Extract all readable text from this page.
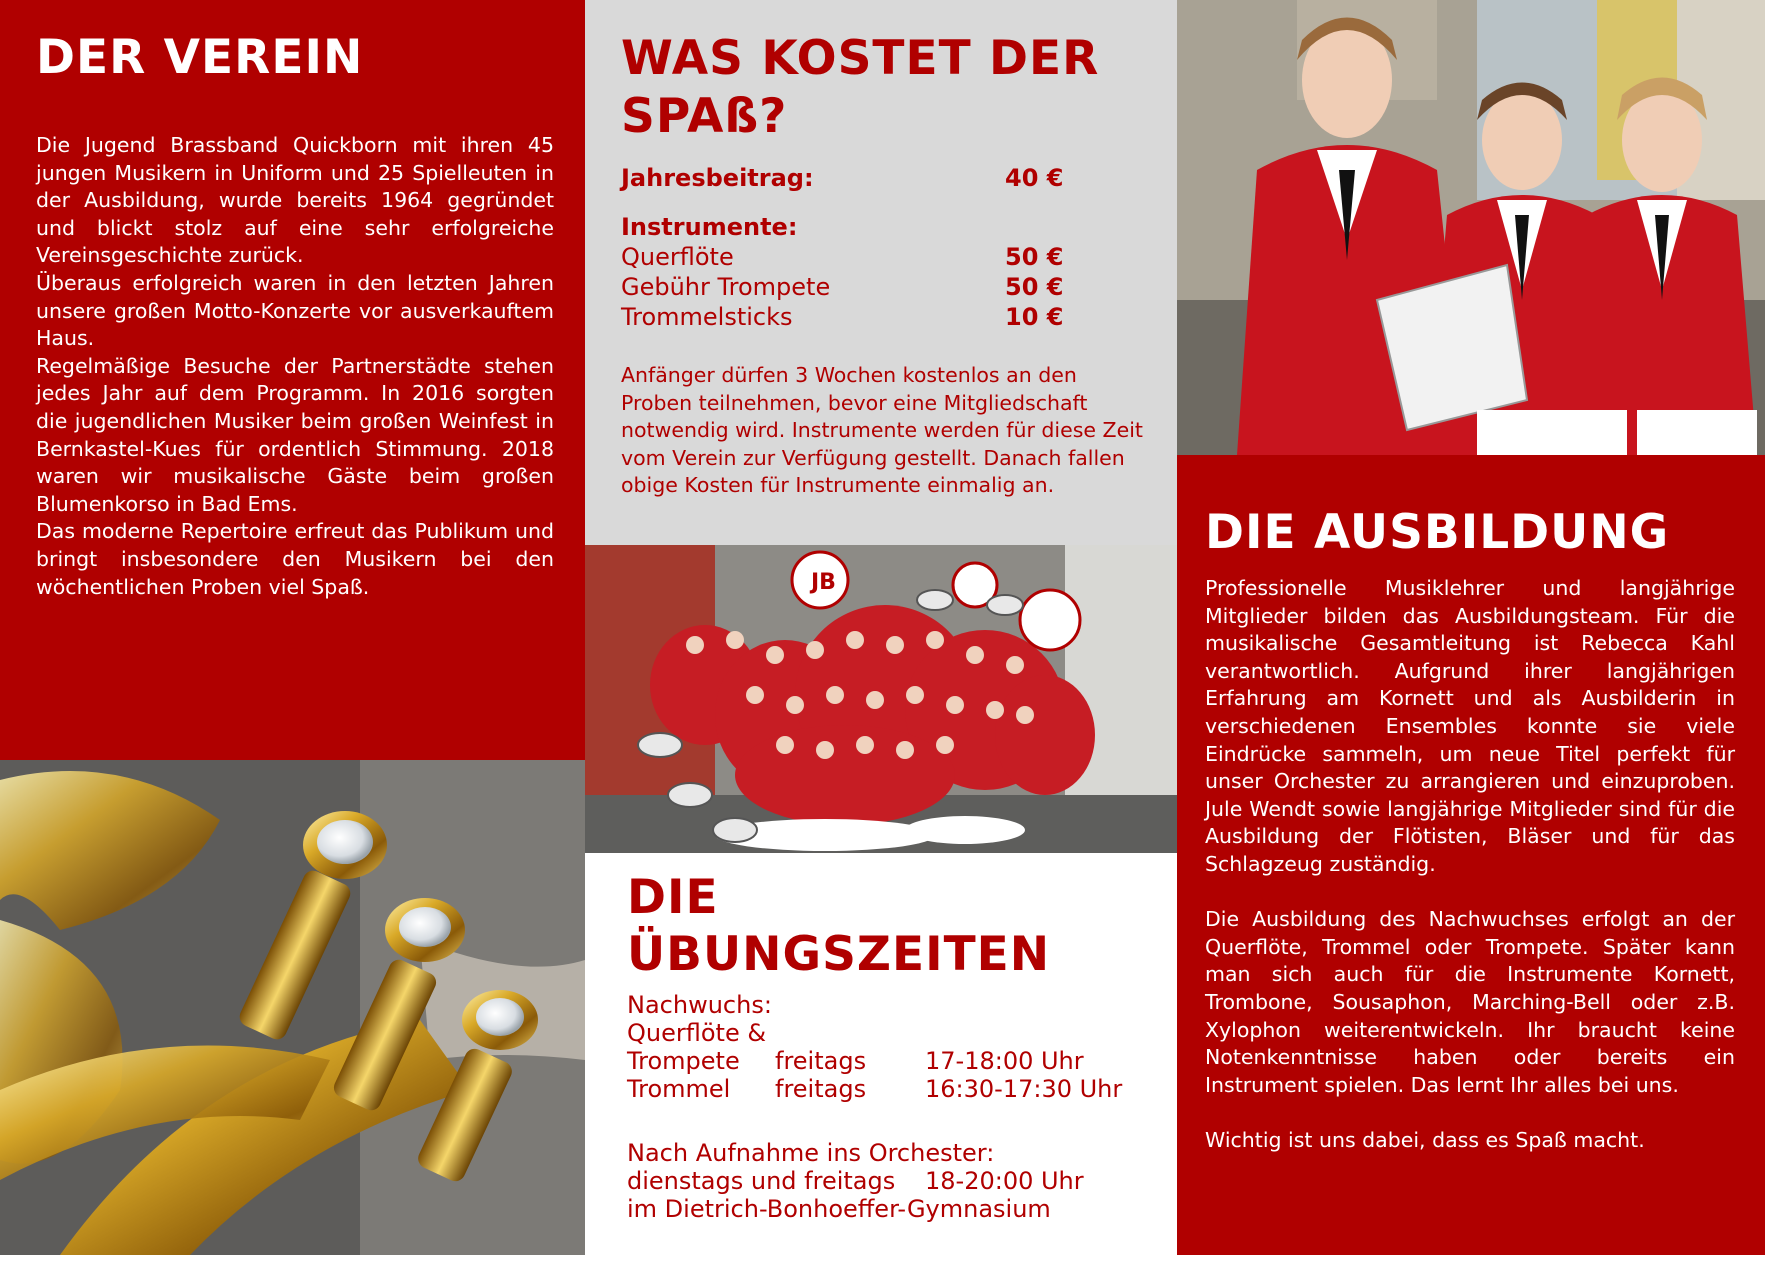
DER VEREIN

Die Jugend Brassband Quickborn mit ihren 45 jungen Musikern in Uniform und 25 Spielleuten in der Ausbildung, wurde bereits 1964 gegründet und blickt stolz auf eine sehr erfolgreiche Vereinsgeschichte zurück.

Überaus erfolgreich waren in den letzten Jahren unsere großen Motto-Konzerte vor ausverkauftem Haus.

Regelmäßige Besuche der Partnerstädte stehen jedes Jahr auf dem Programm. In 2016 sorgten die jugendlichen Musiker beim großen Weinfest in Bernkastel-Kues für ordentlich Stimmung. 2018 waren wir musikalische Gäste beim großen Blumenkorso in Bad Ems.

Das moderne Repertoire erfreut das Publikum und bringt insbesondere den Musikern bei den wöchentlichen Proben viel Spaß.

WAS KOSTET DER
SPAß?
Jahresbeitrag:	40 €
Instrumente:
Querflöte	50 €
Gebühr Trompete	50 €
Trommelsticks	10 €
Anfänger dürfen 3 Wochen kostenlos an den Proben teilnehmen, bevor eine Mitgliedschaft notwendig wird. Instrumente werden für diese Zeit vom Verein zur Verfügung gestellt. Danach fallen obige Kosten für Instrumente einmalig an.
JB
DIE
ÜBUNGSZEITEN
Nachwuchs:
Querflöte &
Trompete freitags 17-18:00 Uhr
Trommel freitags 16:30-17:30 Uhr
Nach Aufnahme ins Orchester:
dienstags und freitags 18-20:00 Uhr
im Dietrich-Bonhoeffer-Gymnasium
DIE AUSBILDUNG

Professionelle Musiklehrer und langjährige Mitglieder bilden das Ausbildungsteam. Für die musikalische Gesamtleitung ist Rebecca Kahl verantwortlich. Aufgrund ihrer langjährigen Erfahrung am Kornett und als Ausbilderin in verschiedenen Ensembles konnte sie viele Eindrücke sammeln, um neue Titel perfekt für unser Orchester zu arrangieren und einzuproben. Jule Wendt sowie langjährige Mitglieder sind für die Ausbildung der Flötisten, Bläser und für das Schlagzeug zuständig.

Die Ausbildung des Nachwuchses erfolgt an der Querflöte, Trommel oder Trompete. Später kann man sich auch für die Instrumente Kornett, Trombone, Sousaphon, Marching-Bell oder z.B. Xylophon weiterentwickeln. Ihr braucht keine Notenkenntnisse haben oder bereits ein Instrument spielen. Das lernt Ihr alles bei uns.

Wichtig ist uns dabei, dass es Spaß macht.
